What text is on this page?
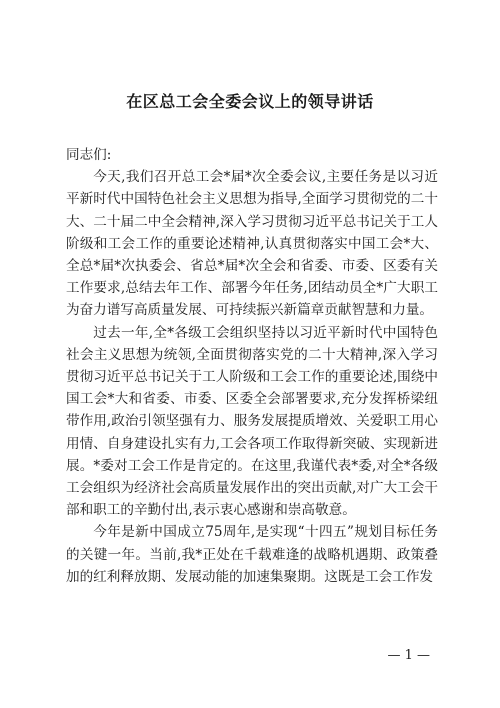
在区总工会全委会议上的领导讲话

同志们:

今天,我们召开总工会*届*次全委会议,主要任务是以习近平新时代中国特色社会主义思想为指导,全面学习贯彻党的二十大、二十届二中全会精神,深入学习贯彻习近平总书记关于工人阶级和工会工作的重要论述精神,认真贯彻落实中国工会*大、全总*届*次执委会、省总*届*次全会和省委、市委、区委有关工作要求,总结去年工作、部署今年任务,团结动员全*广大职工为奋力谱写高质量发展、可持续振兴新篇章贡献智慧和力量。

过去一年,全*各级工会组织坚持以习近平新时代中国特色社会主义思想为统领,全面贯彻落实党的二十大精神,深入学习贯彻习近平总书记关于工人阶级和工会工作的重要论述,围绕中国工会*大和省委、市委、区委全会部署要求,充分发挥桥梁纽带作用,政治引领坚强有力、服务发展提质增效、关爱职工用心用情、自身建设扎实有力,工会各项工作取得新突破、实现新进展。*委对工会工作是肯定的。在这里,我谨代表*委,对全*各级工会组织为经济社会高质量发展作出的突出贡献,对广大工会干部和职工的辛勤付出,表示衷心感谢和崇高敬意。

今年是新中国成立75周年,是实现“十四五”规划目标任务的关键一年。当前,我*正处在千载难逢的战略机遇期、政策叠加的红利释放期、发展动能的加速集聚期。这既是工会工作发

— 1 —
